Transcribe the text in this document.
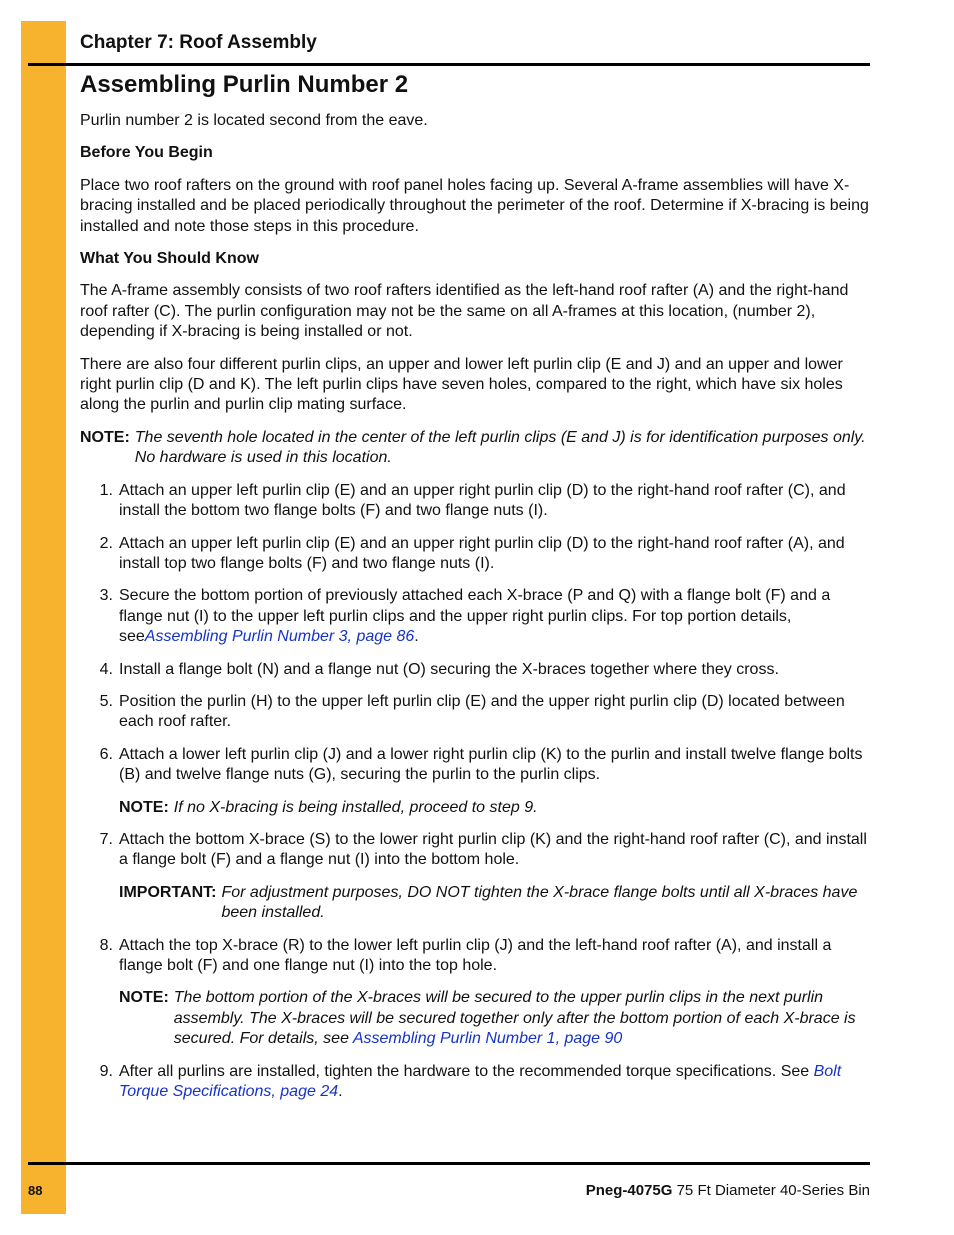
Chapter 7: Roof Assembly
Assembling Purlin Number 2

Purlin number 2 is located second from the eave.

Before You Begin

Place two roof rafters on the ground with roof panel holes facing up. Several A-frame assemblies will have X-bracing installed and be placed periodically throughout the perimeter of the roof. Determine if X-bracing is being installed and note those steps in this procedure.

What You Should Know

The A-frame assembly consists of two roof rafters identified as the left-hand roof rafter (A) and the right-hand roof rafter (C). The purlin configuration may not be the same on all A-frames at this location, (number 2), depending if X-bracing is being installed or not.

There are also four different purlin clips, an upper and lower left purlin clip (E and J) and an upper and lower right purlin clip (D and K). The left purlin clips have seven holes, compared to the right, which have six holes along the purlin and purlin clip mating surface.

NOTE: The seventh hole located in the center of the left purlin clips (E and J) is for identification purposes only. No hardware is used in this location.
1. Attach an upper left purlin clip (E) and an upper right purlin clip (D) to the right-hand roof rafter (C), and install the bottom two flange bolts (F) and two flange nuts (I).
2. Attach an upper left purlin clip (E) and an upper right purlin clip (D) to the right-hand roof rafter (A), and install top two flange bolts (F) and two flange nuts (I).
3. Secure the bottom portion of previously attached each X-brace (P and Q) with a flange bolt (F) and a flange nut (I) to the upper left purlin clips and the upper right purlin clips. For top portion details, seeAssembling Purlin Number 3, page 86.
4. Install a flange bolt (N) and a flange nut (O) securing the X-braces together where they cross.
5. Position the purlin (H) to the upper left purlin clip (E) and the upper right purlin clip (D) located between each roof rafter.
6. Attach a lower left purlin clip (J) and a lower right purlin clip (K) to the purlin and install twelve flange bolts (B) and twelve flange nuts (G), securing the purlin to the purlin clips.
NOTE: If no X-bracing is being installed, proceed to step 9.
7. Attach the bottom X-brace (S) to the lower right purlin clip (K) and the right-hand roof rafter (C), and install a flange bolt (F) and a flange nut (I) into the bottom hole.
IMPORTANT: For adjustment purposes, DO NOT tighten the X-brace flange bolts until all X-braces have been installed.
8. Attach the top X-brace (R) to the lower left purlin clip (J) and the left-hand roof rafter (A), and install a flange bolt (F) and one flange nut (I) into the top hole.
NOTE: The bottom portion of the X-braces will be secured to the upper purlin clips in the next purlin assembly. The X-braces will be secured together only after the bottom portion of each X-brace is secured. For details, see Assembling Purlin Number 1, page 90
9. After all purlins are installed, tighten the hardware to the recommended torque specifications. See Bolt Torque Specifications, page 24.
88	Pneg-4075G 75 Ft Diameter 40-Series Bin
